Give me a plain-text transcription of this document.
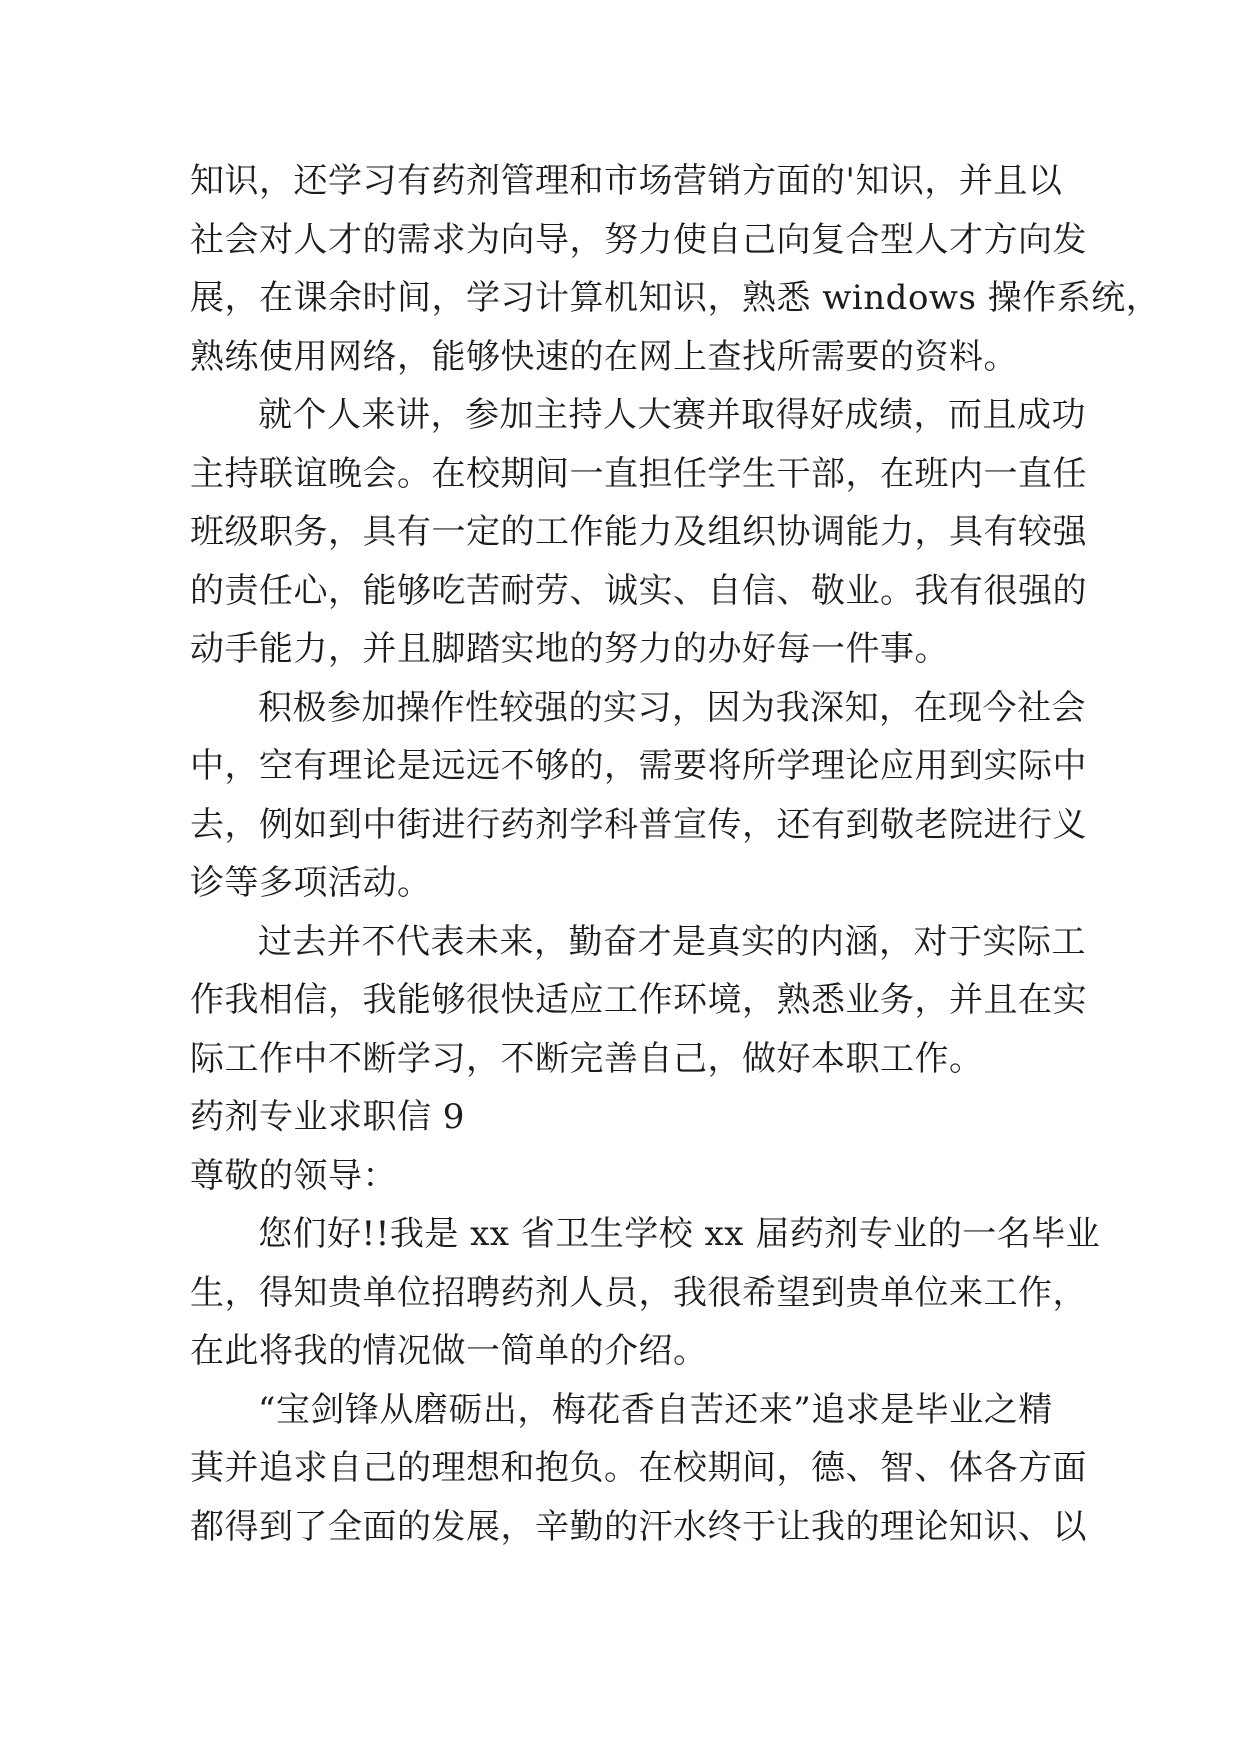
知识，还学习有药剂管理和市场营销方面的'知识，并且以
社会对人才的需求为向导，努力使自己向复合型人才方向发
展，在课余时间，学习计算机知识，熟悉 windows 操作系统，
熟练使用网络，能够快速的在网上查找所需要的资料。
就个人来讲，参加主持人大赛并取得好成绩，而且成功
主持联谊晚会。在校期间一直担任学生干部，在班内一直任
班级职务，具有一定的工作能力及组织协调能力，具有较强
的责任心，能够吃苦耐劳、诚实、自信、敬业。我有很强的
动手能力，并且脚踏实地的努力的办好每一件事。
积极参加操作性较强的实习，因为我深知，在现今社会
中，空有理论是远远不够的，需要将所学理论应用到实际中
去，例如到中街进行药剂学科普宣传，还有到敬老院进行义
诊等多项活动。
过去并不代表未来，勤奋才是真实的内涵，对于实际工
作我相信，我能够很快适应工作环境，熟悉业务，并且在实
际工作中不断学习，不断完善自己，做好本职工作。
药剂专业求职信 9
尊敬的领导：
您们好!!我是 xx 省卫生学校 xx 届药剂专业的一名毕业
生，得知贵单位招聘药剂人员，我很希望到贵单位来工作，
在此将我的情况做一简单的介绍。
“宝剑锋从磨砺出，梅花香自苦还来”追求是毕业之精
萁并追求自己的理想和抱负。在校期间，德、智、体各方面
都得到了全面的发展，辛勤的汗水终于让我的理论知识、以
